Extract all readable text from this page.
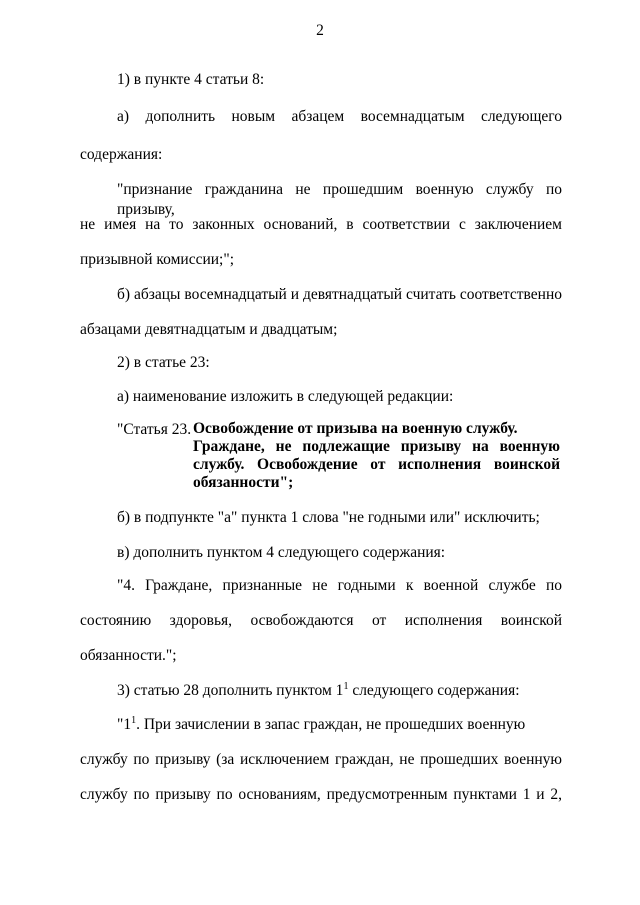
2
1) в пункте 4 статьи 8:
а) дополнить новым абзацем восемнадцатым следующего
содержания:
"признание гражданина не прошедшим военную службу по призыву,
не имея на то законных оснований, в соответствии с заключением
призывной комиссии;";
б) абзацы восемнадцатый и девятнадцатый считать соответственно
абзацами девятнадцатым и двадцатым;
2) в статье 23:
а) наименование изложить в следующей редакции:
"Статья 23. Освобождение от призыва на военную службу.
Граждане, не подлежащие призыву на военную
службу. Освобождение от исполнения воинской
обязанности";
б) в подпункте "а" пункта 1 слова "не годными или" исключить;
в) дополнить пунктом 4 следующего содержания:
"4. Граждане, признанные не годными к военной службе по
состоянию здоровья, освобождаются от исполнения воинской
обязанности.";
3) статью 28 дополнить пунктом $1^1$ следующего содержания:
"$1^1$. При зачислении в запас граждан, не прошедших военную
службу по призыву (за исключением граждан, не прошедших военную
службу по призыву по основаниям, предусмотренным пунктами 1 и 2,
